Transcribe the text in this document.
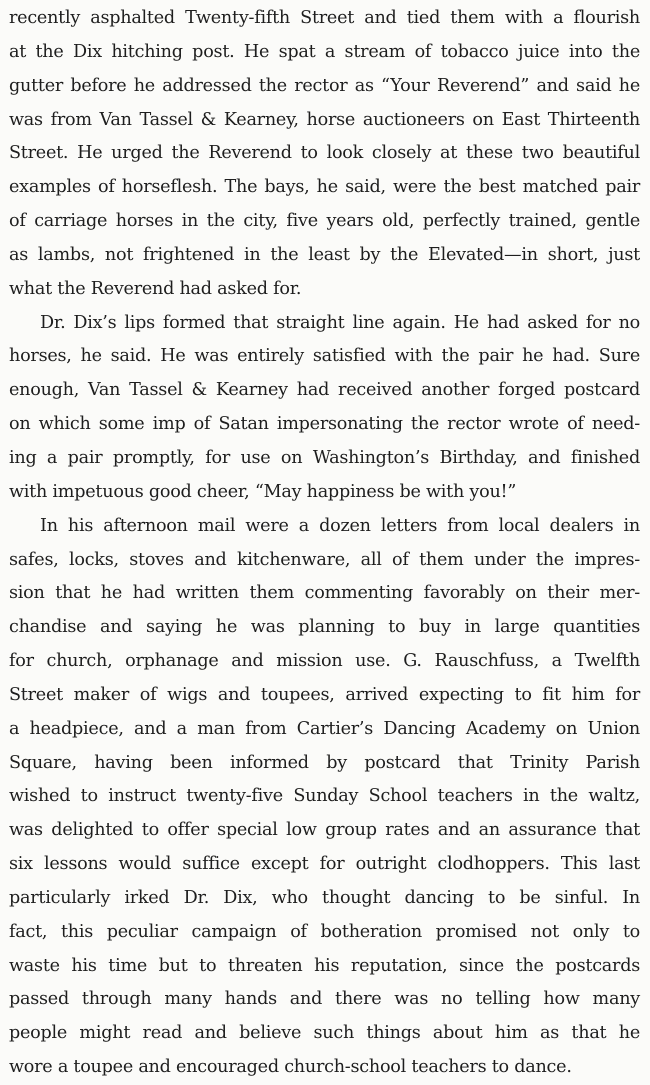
recently asphalted Twenty-fifth Street and tied them with a flourish
at the Dix hitching post. He spat a stream of tobacco juice into the
gutter before he addressed the rector as “Your Reverend” and said he
was from Van Tassel & Kearney, horse auctioneers on East Thirteenth
Street. He urged the Reverend to look closely at these two beautiful
examples of horseflesh. The bays, he said, were the best matched pair
of carriage horses in the city, five years old, perfectly trained, gentle
as lambs, not frightened in the least by the Elevated—in short, just
what the Reverend had asked for.

Dr. Dix’s lips formed that straight line again. He had asked for no
horses, he said. He was entirely satisfied with the pair he had. Sure
enough, Van Tassel & Kearney had received another forged postcard
on which some imp of Satan impersonating the rector wrote of need-
ing a pair promptly, for use on Washington’s Birthday, and finished
with impetuous good cheer, “May happiness be with you!”

In his afternoon mail were a dozen letters from local dealers in
safes, locks, stoves and kitchenware, all of them under the impres-
sion that he had written them commenting favorably on their mer-
chandise and saying he was planning to buy in large quantities
for church, orphanage and mission use. G. Rauschfuss, a Twelfth
Street maker of wigs and toupees, arrived expecting to fit him for
a headpiece, and a man from Cartier’s Dancing Academy on Union
Square, having been informed by postcard that Trinity Parish
wished to instruct twenty-five Sunday School teachers in the waltz,
was delighted to offer special low group rates and an assurance that
six lessons would suffice except for outright clodhoppers. This last
particularly irked Dr. Dix, who thought dancing to be sinful. In
fact, this peculiar campaign of botheration promised not only to
waste his time but to threaten his reputation, since the postcards
passed through many hands and there was no telling how many
people might read and believe such things about him as that he
wore a toupee and encouraged church-school teachers to dance.
